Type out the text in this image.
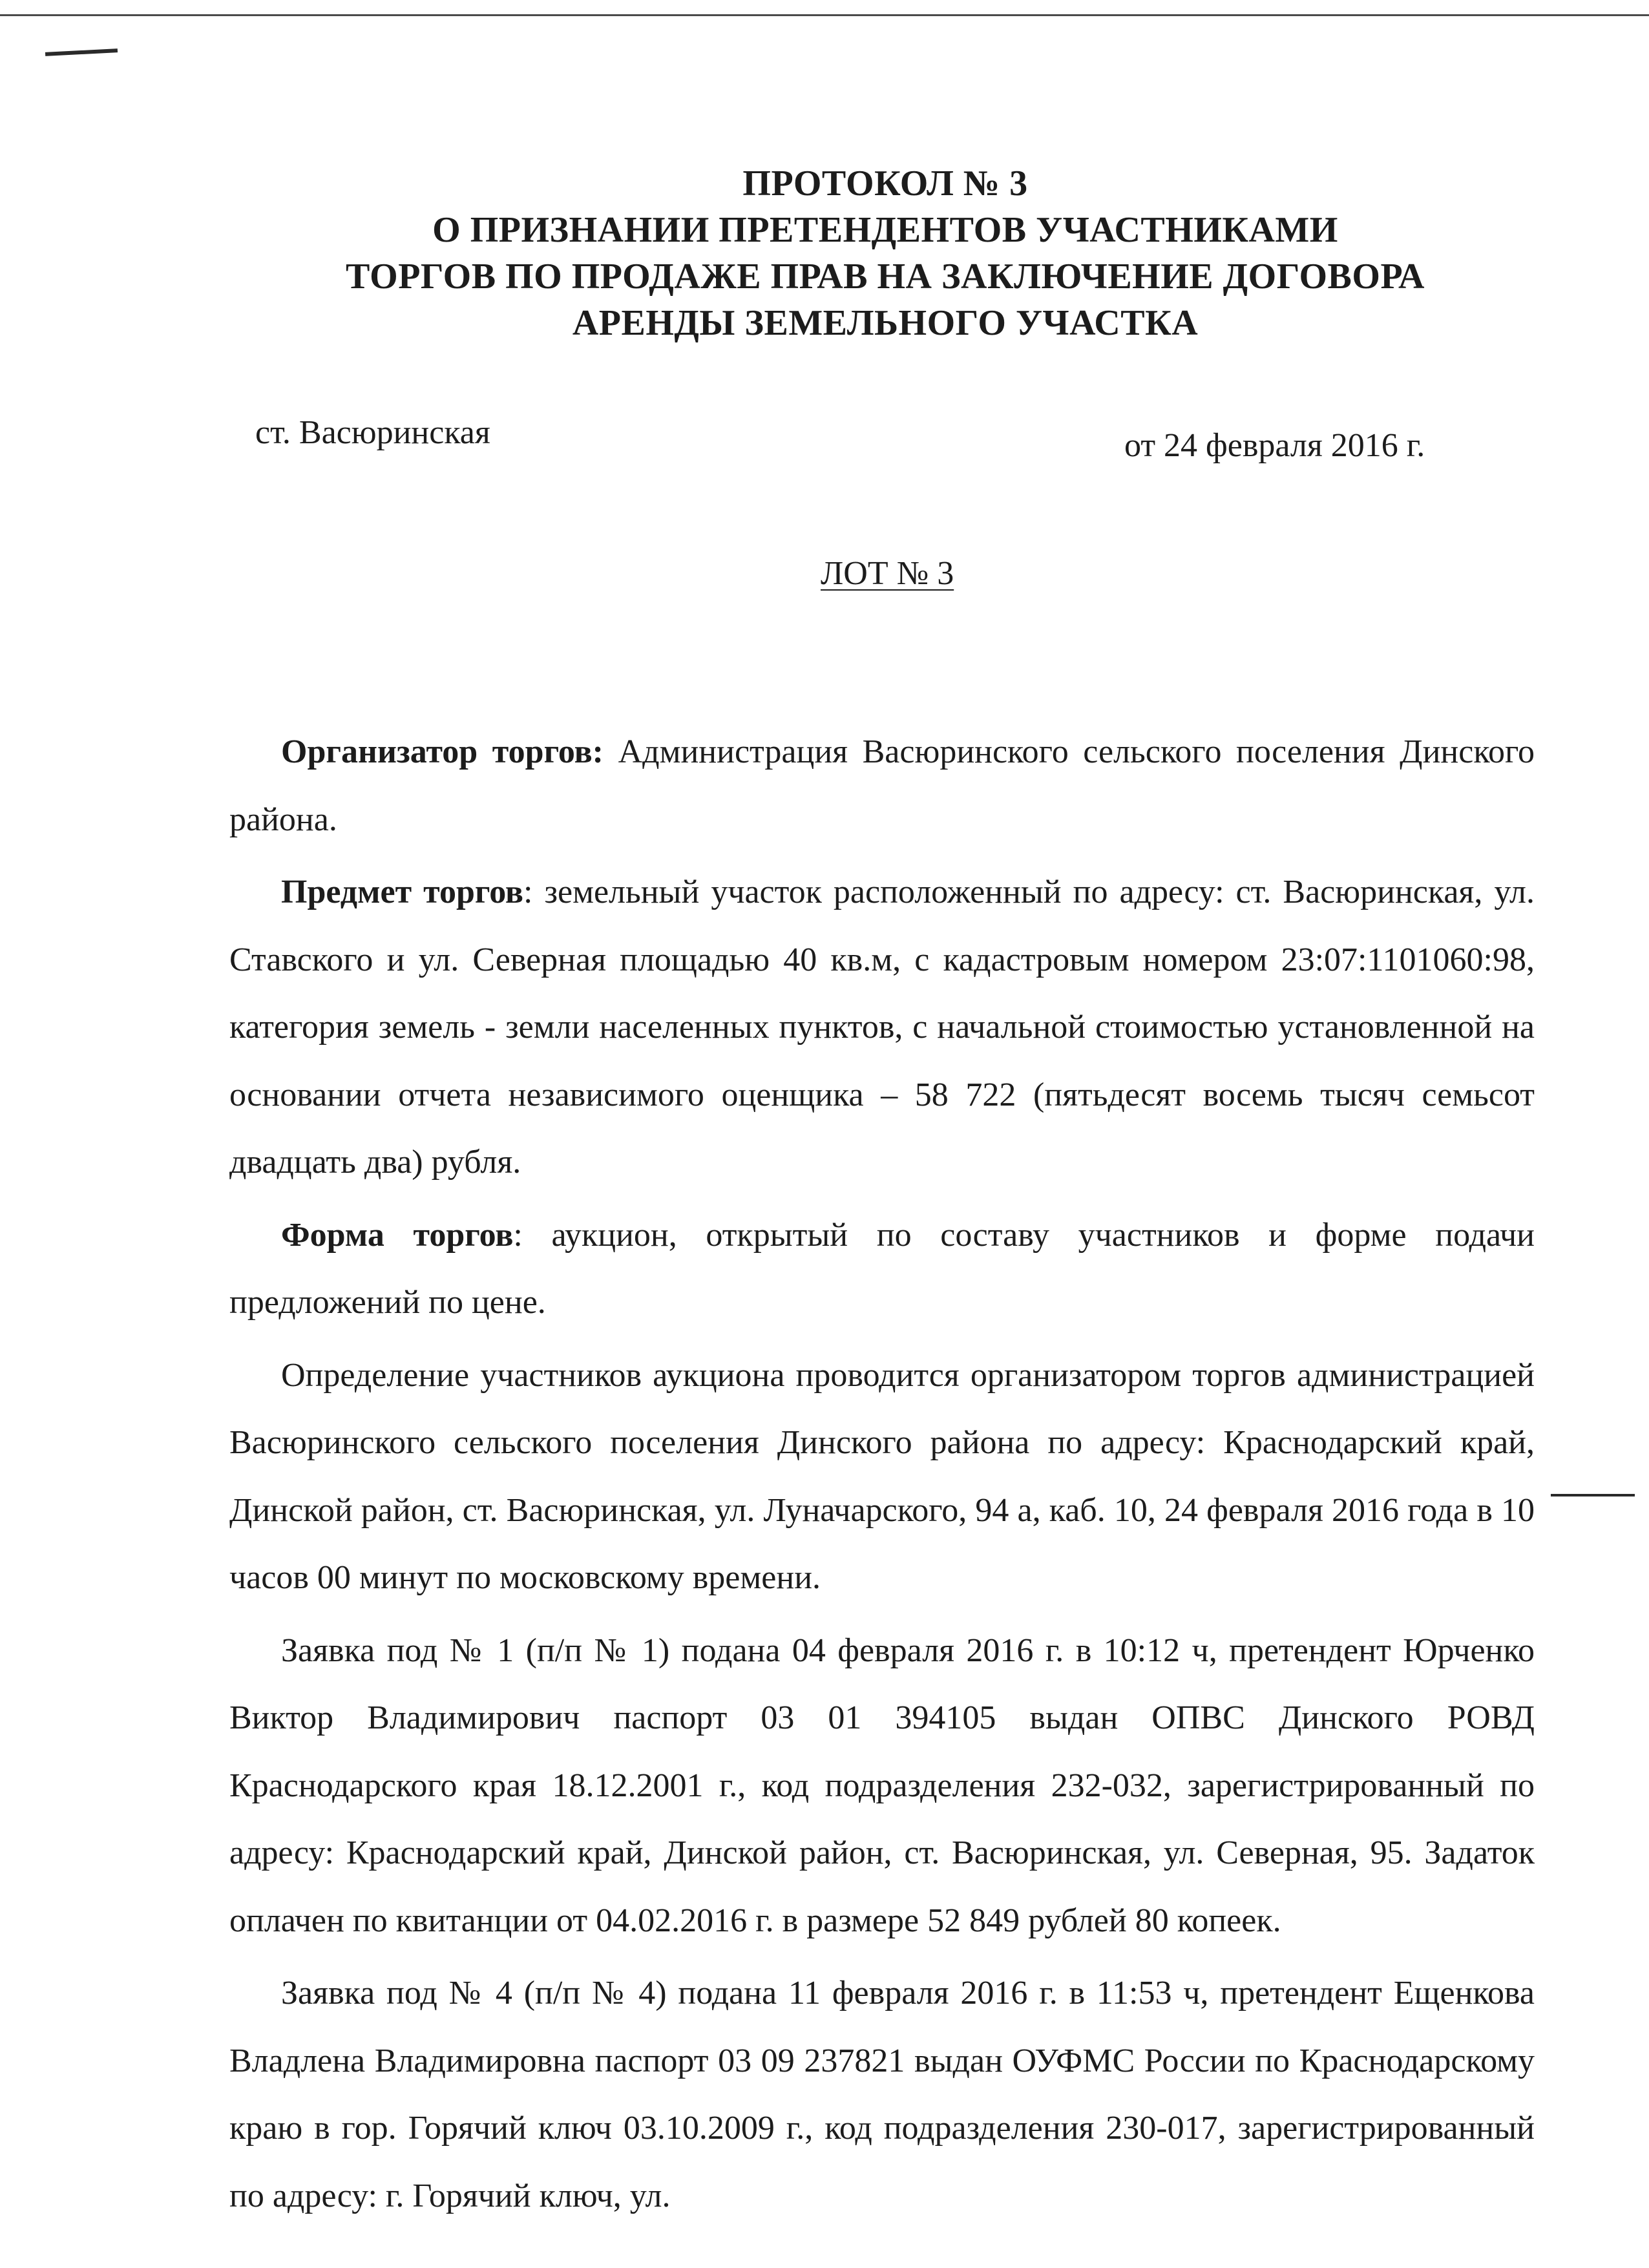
ПРОТОКОЛ № 3
О ПРИЗНАНИИ ПРЕТЕНДЕНТОВ УЧАСТНИКАМИ
ТОРГОВ ПО ПРОДАЖЕ ПРАВ НА ЗАКЛЮЧЕНИЕ ДОГОВОРА
АРЕНДЫ ЗЕМЕЛЬНОГО УЧАСТКА
ст. Васюринская	от 24 февраля 2016 г.
ЛОТ № 3

Организатор торгов: Администрация Васюринского сельского поселения Динского района.

Предмет торгов: земельный участок расположенный по адресу: ст. Васюринская, ул. Ставского и ул. Северная площадью 40 кв.м, с кадастровым номером 23:07:1101060:98, категория земель - земли населенных пунктов, с начальной стоимостью установленной на основании отчета независимого оценщика – 58 722 (пятьдесят восемь тысяч семьсот двадцать два) рубля.

Форма торгов: аукцион, открытый по составу участников и форме подачи предложений по цене.

Определение участников аукциона проводится организатором торгов администрацией Васюринского сельского поселения Динского района по адресу: Краснодарский край, Динской район, ст. Васюринская, ул. Луначарского, 94 а, каб. 10, 24 февраля 2016 года в 10 часов 00 минут по московскому времени.

Заявка под № 1 (п/п № 1) подана 04 февраля 2016 г. в 10:12 ч, претендент Юрченко Виктор Владимирович паспорт 03 01 394105 выдан ОПВС Динского РОВД Краснодарского края 18.12.2001 г., код подразделения 232-032, зарегистрированный по адресу: Краснодарский край, Динской район, ст. Васюринская, ул. Северная, 95. Задаток оплачен по квитанции от 04.02.2016 г. в размере 52 849 рублей 80 копеек.

Заявка под № 4 (п/п № 4) подана 11 февраля 2016 г. в 11:53 ч, претендент Ещенкова Владлена Владимировна паспорт 03 09 237821 выдан ОУФМС России по Краснодарскому краю в гор. Горячий ключ 03.10.2009 г., код подразделения 230-017, зарегистрированный по адресу: г. Горячий ключ, ул.
